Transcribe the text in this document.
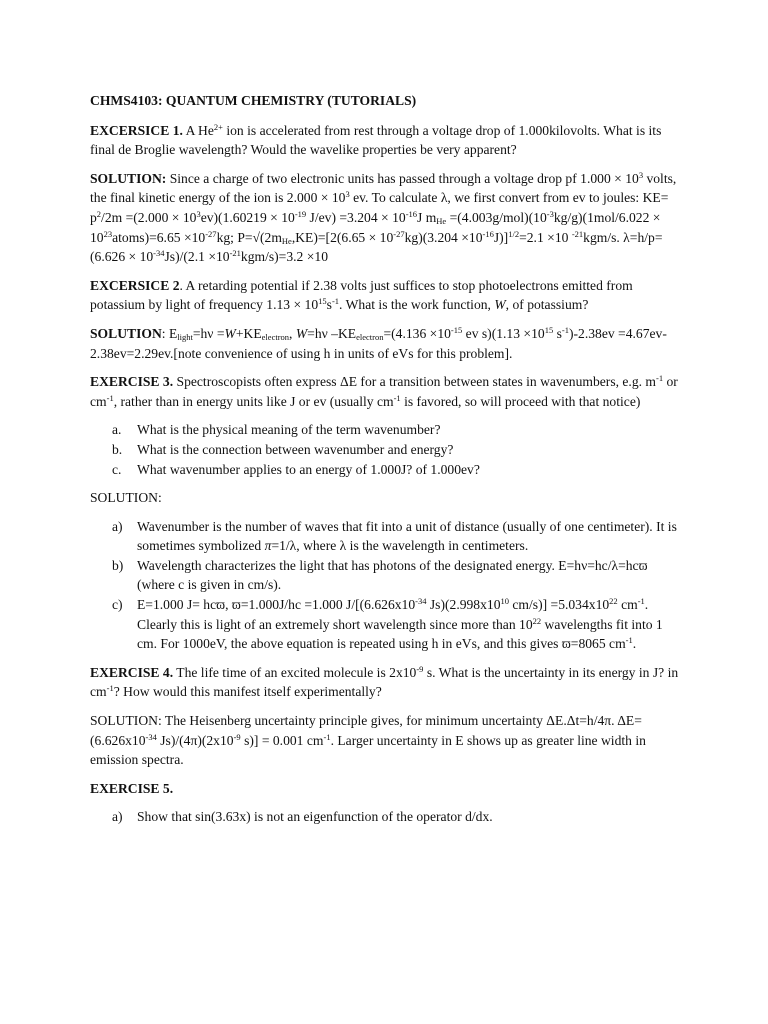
CHMS4103: QUANTUM CHEMISTRY (TUTORIALS)

EXCERSICE 1. A $He^{2+}$ ion is accelerated from rest through a voltage drop of 1.000kilovolts. What is its final de Broglie wavelength? Would the wavelike properties be very apparent?

SOLUTION: Since a charge of two electronic units has passed through a voltage drop pf $1.000 \times 10^3$ volts, the final kinetic energy of the ion is $2.000 \times 10^3$ ev. To calculate λ, we first convert from ev to joules: $KE= p^2/2m =(2.000 \times 10^3ev)(1.60219 \times 10^{-19}$ $J/ev) =3.204 \times 10^{-16}J$ $m_{He} =(4.003g/mol)(10^{-3}kg/g)(1mol/6.022$ × $10^{23}atoms)=6.65 \times 10^{-27}kg$; $P=√(2m_{He},KE)=[2(6.65 \times 10^{-27}kg)(3.204 \times 10^{-16}J)]^{1/2}=2.1 \times 10$ $^{-21}$kgm/s. $\lambda=h/p=(6.626 \times 10^{-34}Js)/(2.1 \times 10^{-21}kgm/s)=3.2 \times 10$

EXCERSICE 2. A retarding potential if 2.38 volts just suffices to stop photoelectrons emitted from potassium by light of frequency $1.13 \times 10^{15}s^{-1}$. What is the work function, W, of potassium?

SOLUTION: $E_{light}=h\nu =W+KE_{electron}$, W=hν $-KE_{electron}=(4.136 \times 10^{-15}$ ev $s)(1.13 \times 10^{15}$ $s^{-1})-2.38ev$ =4.67ev-2.38ev=2.29ev.[note convenience of using h in units of eVs for this problem].

EXERCISE 3. Spectroscopists often express ΔE for a transition between states in wavenumbers, e.g. $m^{-1}$ or $cm^{-1}$, rather than in energy units like J or ev (usually $cm^{-1}$ is favored, so will proceed with that notice)

a. What is the physical meaning of the term wavenumber?
b. What is the connection between wavenumber and energy?
c. What wavenumber applies to an energy of 1.000J? of 1.000ev?

SOLUTION:

a) Wavenumber is the number of waves that fit into a unit of distance (usually of one centimeter). It is sometimes symbolized π=1/λ, where λ is the wavelength in centimeters.
b) Wavelength characterizes the light that has photons of the designated energy. E=hν=hc/λ=hcϖ (where c is given in cm/s).
c) E=1.000 J= hcϖ, ϖ=1.000J/hc =1.000 $J/[(6.626x10^{-34}$ $Js)(2.998x10^{10}$ $cm/s)] =5.034x10^{22}$ $cm^{-1}$. Clearly this is light of an extremely short wavelength since more than $10^{22}$ wavelengths fit into 1 cm. For 1000eV, the above equation is repeated using h in eVs, and this gives ϖ=8065 $cm^{-1}$.

EXERCISE 4. The life time of an excited molecule is $2x10^{-9}$ s. What is the uncertainty in its energy in J? in $cm^{-1}$? How would this manifest itself experimentally?

SOLUTION: The Heisenberg uncertainty principle gives, for minimum uncertainty ΔE.Δt=h/4π. $\Delta E=(6.626x10^{-34}$ $Js)/(4\pi)(2x10^{-9}$ s)] = 0.001 $cm^{-1}$. Larger uncertainty in E shows up as greater line width in emission spectra.

EXERCISE 5.

a) Show that sin(3.63x) is not an eigenfunction of the operator d/dx.
